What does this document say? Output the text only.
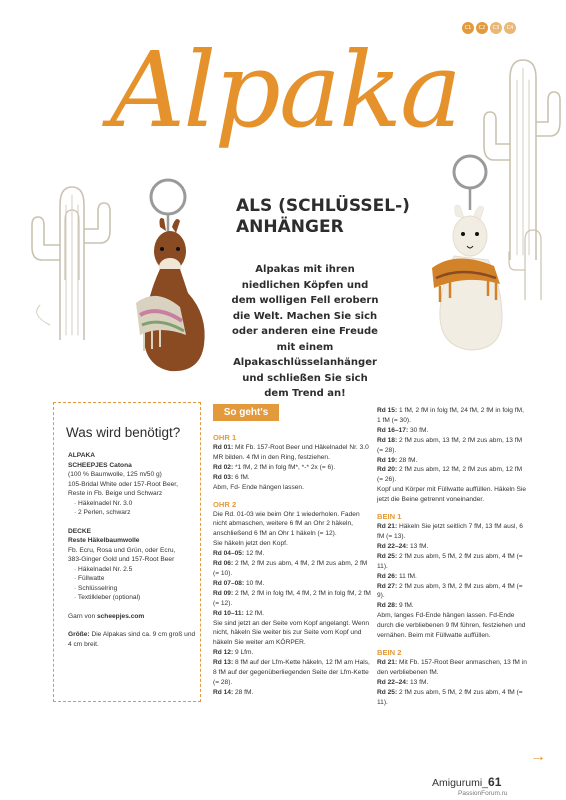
C1	C2	C3	C4
Alpaka
ALS (SCHLÜSSEL-)
ANHÄNGER
Alpakas mit ihren niedlichen Köpfen und dem wolligen Fell erobern die Welt. Machen Sie sich oder anderen eine Freude mit einem Alpakaschlüsselanhänger und schließen Sie sich dem Trend an!
Was wird benötigt?
ALPAKA
SCHEEPJES Catona
(100 % Baumwolle, 125 m/50 g)
105-Bridal White oder 157-Root Beer,
Reste in Fb. Beige und Schwarz
· Häkelnadel Nr. 3.0
· 2 Perlen, schwarz
DECKE
Reste Häkelbaumwolle
Fb. Ecru, Rosa und Grün, oder Ecru,
383-Ginger Gold und 157-Root Beer
· Häkelnadel Nr. 2.5
· Füllwatte
· Schlüsselring
· Textilkleber (optional)
Garn von scheepjes.com
Größe: Die Alpakas sind ca. 9 cm groß und 4 cm breit.
So geht's
OHR 1
Rd 01: Mit Fb. 157-Root Beer und Häkelnadel Nr. 3.0 MR bilden. 4 fM in den Ring, festziehen.
Rd 02: *1 fM, 2 fM in folg fM*, *-* 2x (= 6).
Rd 03: 6 fM.
Abm, Fd- Ende hängen lassen.
OHR 2
Die Rd. 01-03 wie beim Ohr 1 wiederholen. Faden nicht abmaschen, weitere 6 fM an Ohr 2 häkeln, anschließend 6 fM an Ohr 1 häkeln (= 12).
Sie häkeln jetzt den Kopf.
Rd 04–05: 12 fM.
Rd 06: 2 fM, 2 fM zus abm, 4 fM, 2 fM zus abm, 2 fM (= 10).
Rd 07–08: 10 fM.
Rd 09: 2 fM, 2 fM in folg fM, 4 fM, 2 fM in folg fM, 2 fM (= 12).
Rd 10–11: 12 fM.
Sie sind jetzt an der Seite vom Kopf angelangt. Wenn nicht, häkeln Sie weiter bis zur Seite vom Kopf und häkeln Sie weiter am KÖRPER.
Rd 12: 9 Lfm.
Rd 13: 8 fM auf der Lfm-Kette häkeln, 12 fM am Hals, 8 fM auf der gegenüberliegenden Seite der Lfm-Kette (= 28).
Rd 14: 28 fM.
Rd 15: 1 fM, 2 fM in folg fM, 24 fM, 2 fM in folg fM, 1 fM (= 30).
Rd 16–17: 30 fM.
Rd 18: 2 fM zus abm, 13 fM, 2 fM zus abm, 13 fM (= 28).
Rd 19: 28 fM.
Rd 20: 2 fM zus abm, 12 fM, 2 fM zus abm, 12 fM (= 26).
Kopf und Körper mit Füllwatte auffüllen. Häkeln Sie jetzt die Beine getrennt voneinander.
BEIN 1
Rd 21: Häkeln Sie jetzt seitlich 7 fM, 13 fM ausl, 6 fM (= 13).
Rd 22–24: 13 fM.
Rd 25: 2 fM zus abm, 5 fM, 2 fM zus abm, 4 fM (= 11).
Rd 26: 11 fM.
Rd 27: 2 fM zus abm, 3 fM, 2 fM zus abm, 4 fM (= 9).
Rd 28: 9 fM.
Abm, langes Fd-Ende hängen lassen. Fd-Ende durch die verbliebenen 9 fM führen, festziehen und vernähen. Beim mit Füllwatte auffüllen.
BEIN 2
Rd 21: Mit Fb. 157-Root Beer anmaschen, 13 fM in den verbliebenen fM.
Rd 22–24: 13 fM.
Rd 25: 2 fM zus abm, 5 fM, 2 fM zus abm, 4 fM (= 11).
→
Amigurumi_61
PassionForum.ru
